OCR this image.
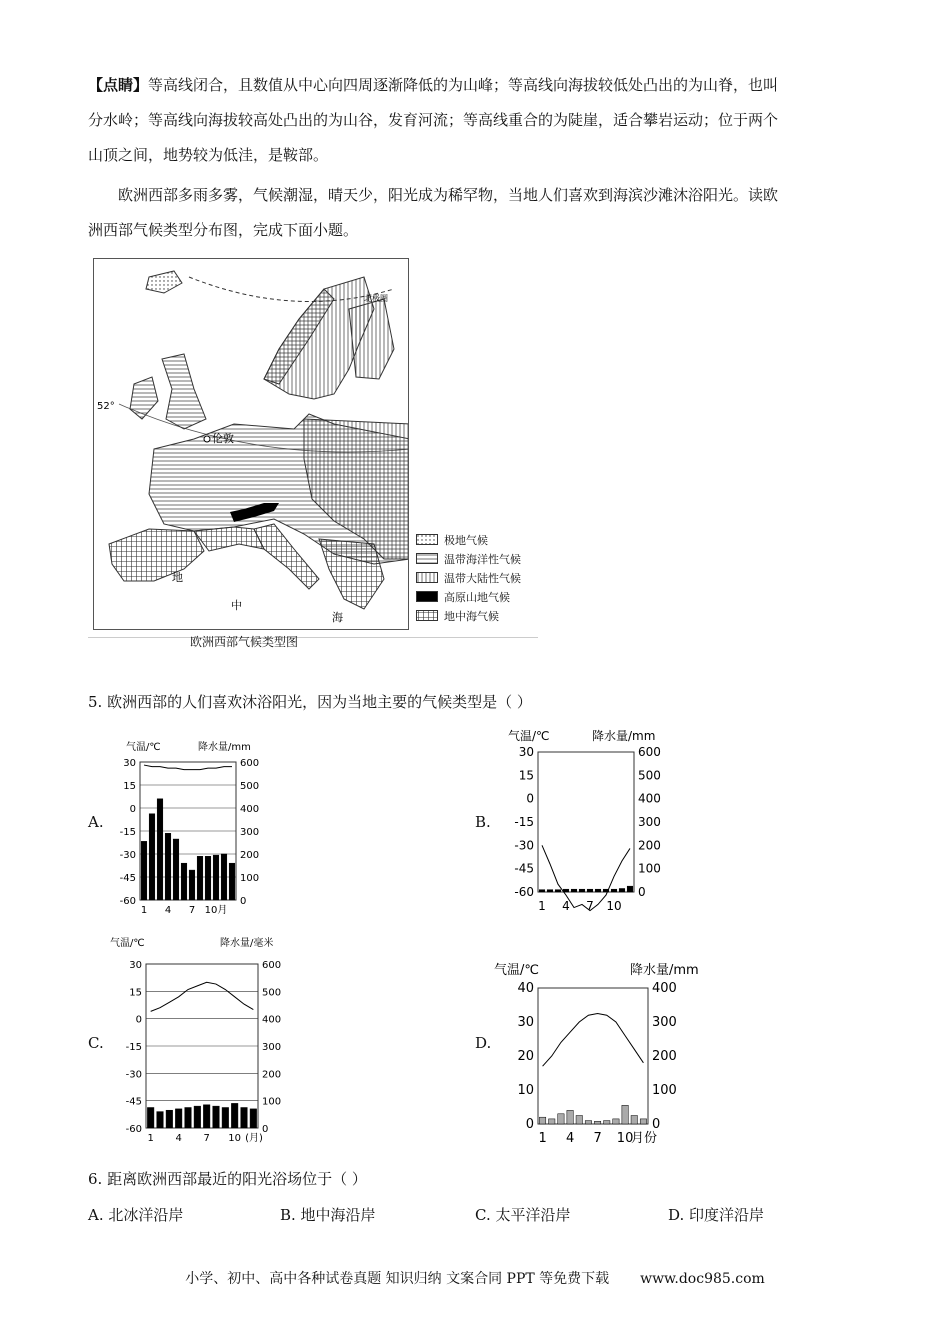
【点睛】等高线闭合，且数值从中心向四周逐渐降低的为山峰；等高线向海拔较低处凸出的为山脊，也叫
分水岭；等高线向海拔较高处凸出的为山谷，发育河流；等高线重合的为陡崖，适合攀岩运动；位于两个
山顶之间，地势较为低洼，是鞍部。
欧洲西部多雨多雾，气候潮湿，晴天少，阳光成为稀罕物，当地人们喜欢到海滨沙滩沐浴阳光。读欧
洲西部气候类型分布图，完成下面小题。
伦敦
52°
北极圈
地
中
海
极地气候
温带海洋性气候
温带大陆性气候
高原山地气候
地中海气候
欧洲西部气候类型图
5. 欧洲西部的人们喜欢沐浴阳光，因为当地主要的气候类型是（ ）
A.	B.
C.	D.
气温/℃	降水量/mm
30
15
0
-15
-30
-45
-60
600
500
400
300
200
100
0
1 4 7 10月
气温/℃	降水量/mm
30
15
0
-15
-30
-45
-60
600
500
400
300
200
100
0
1 4 7 10
气温/℃	降水量/毫米
30
15
0
-15
-30
-45
-60
600
500
400
300
200
100
0
1 4 7 10 (月)
气温/℃	降水量/mm
40
30
20
10
0
400
300
200
100
0
1 4 7 10
月份
6. 距离欧洲西部最近的阳光浴场位于（ ）
A. 北冰洋沿岸	B. 地中海沿岸	C. 太平洋沿岸	D. 印度洋沿岸
小学、初中、高中各种试卷真题 知识归纳 文案合同 PPT 等免费下载 www.doc985.com
